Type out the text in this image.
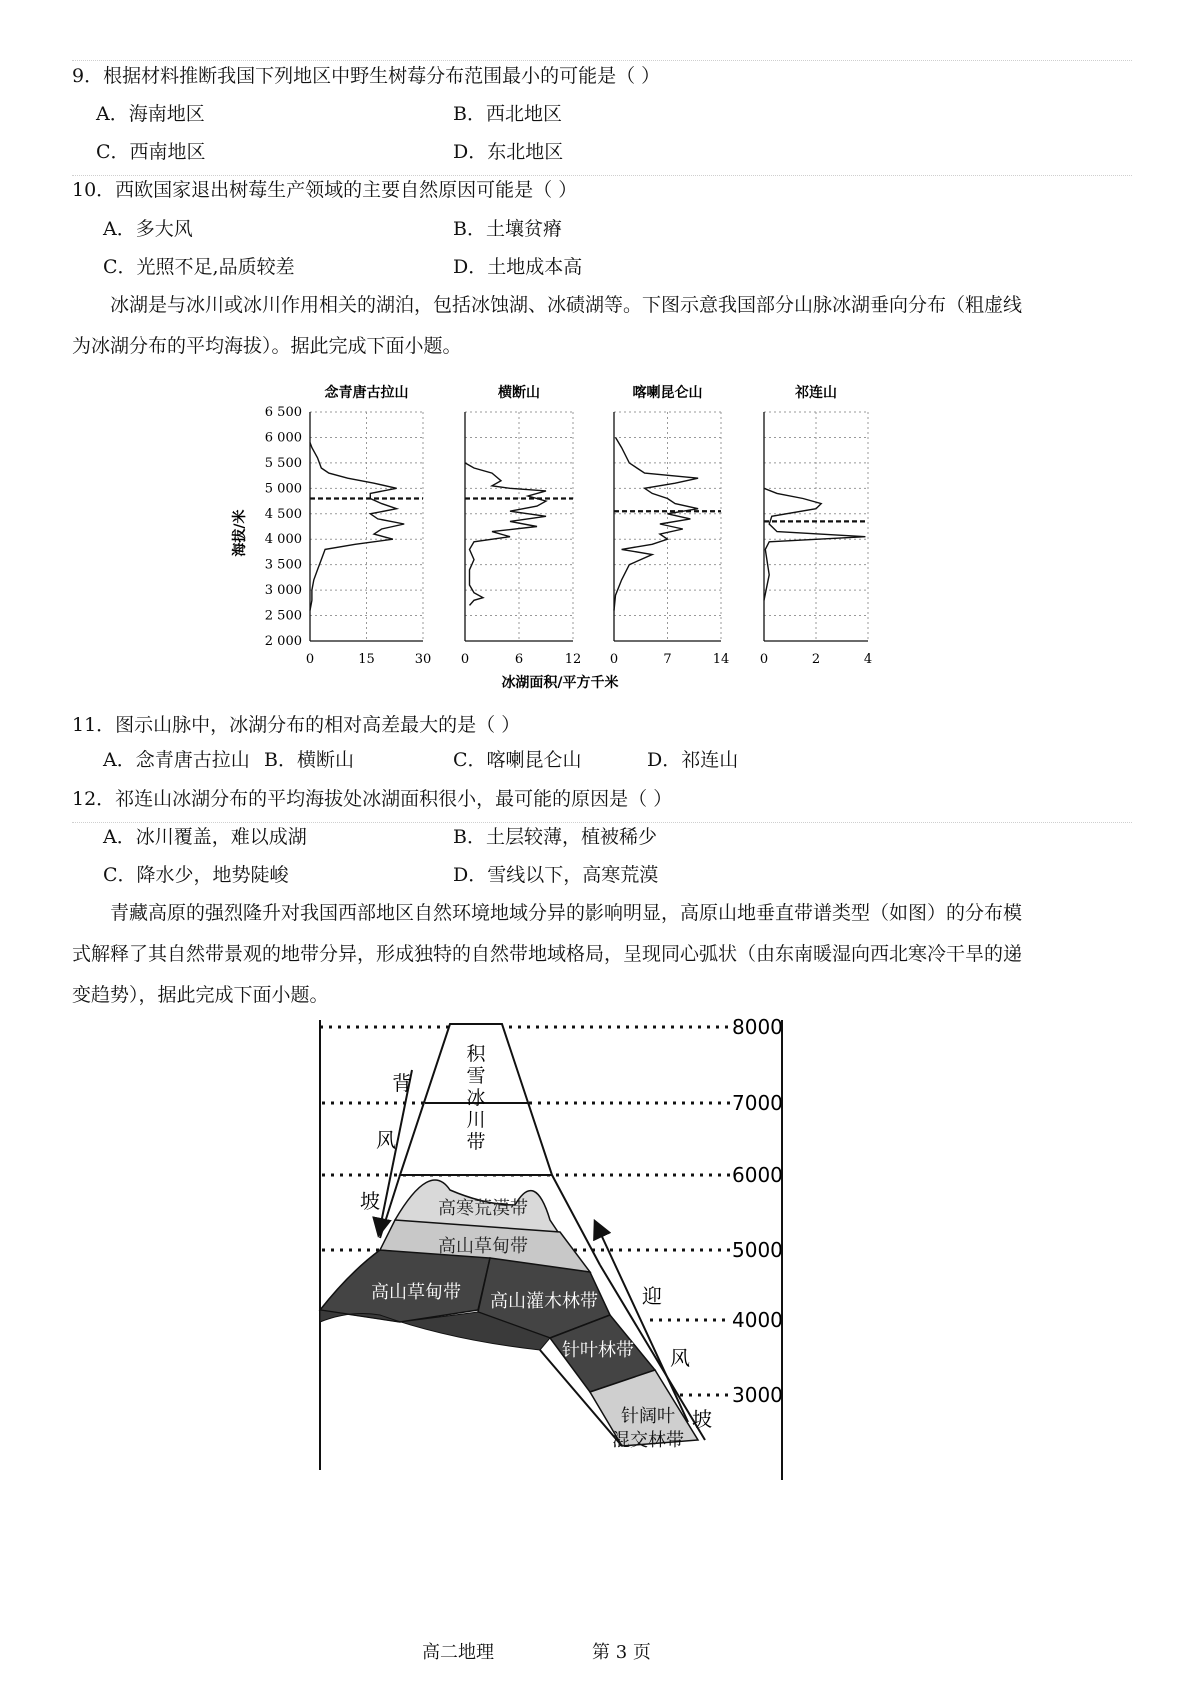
9．根据材料推断我国下列地区中野生树莓分布范围最小的可能是（ ）
A．海南地区	B．西北地区
C．西南地区	D．东北地区
10．西欧国家退出树莓生产领域的主要自然原因可能是（ ）
A．多大风	B．土壤贫瘠
C．光照不足,品质较差	D．土地成本高
冰湖是与冰川或冰川作用相关的湖泊，包括冰蚀湖、冰碛湖等。下图示意我国部分山脉冰湖垂向分布（粗虚线
为冰湖分布的平均海拔）。据此完成下面小题。
海拔/米
冰湖面积/平方千米
6 500
6 000
5 500
5 000
4 500
4 000
3 500
3 000
2 500
2 000
念青唐古拉山
0	15	30
横断山
0	6	12
喀喇昆仑山
0	7	14
祁连山
0	2	4
11．图示山脉中，冰湖分布的相对高差最大的是（ ）
A．念青唐古拉山 B．横断山	C．喀喇昆仑山	D．祁连山
12．祁连山冰湖分布的平均海拔处冰湖面积很小，最可能的原因是（ ）
A．冰川覆盖，难以成湖	B．土层较薄，植被稀少
C．降水少，地势陡峻	D．雪线以下，高寒荒漠
青藏高原的强烈隆升对我国西部地区自然环境地域分异的影响明显，高原山地垂直带谱类型（如图）的分布模
式解释了其自然带景观的地带分异，形成独特的自然带地域格局，呈现同心弧状（由东南暖湿向西北寒冷干旱的递
变趋势），据此完成下面小题。
8000
7000
6000
5000
4000
3000
背
风
坡
迎
风
坡
积
雪
冰
川
带
高寒荒漠带
高山草甸带
高山草甸带 高山灌木林带
针叶林带
针阔叶
混交林带
高二地理	第 3 页
